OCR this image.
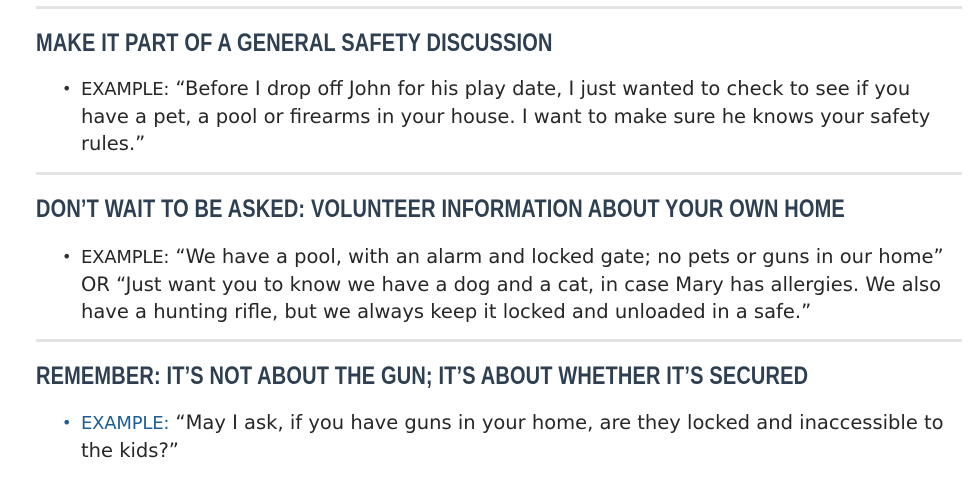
MAKE IT PART OF A GENERAL SAFETY DISCUSSION
• EXAMPLE: “Before I drop off John for his play date, I just wanted to check to see if you
have a pet, a pool or firearms in your house. I want to make sure he knows your safety
rules.”
DON’T WAIT TO BE ASKED: VOLUNTEER INFORMATION ABOUT YOUR OWN HOME
• EXAMPLE: “We have a pool, with an alarm and locked gate; no pets or guns in our home”
OR “Just want you to know we have a dog and a cat, in case Mary has allergies. We also
have a hunting rifle, but we always keep it locked and unloaded in a safe.”
REMEMBER: IT’S NOT ABOUT THE GUN; IT’S ABOUT WHETHER IT’S SECURED
• EXAMPLE: “May I ask, if you have guns in your home, are they locked and inaccessible to
the kids?”
